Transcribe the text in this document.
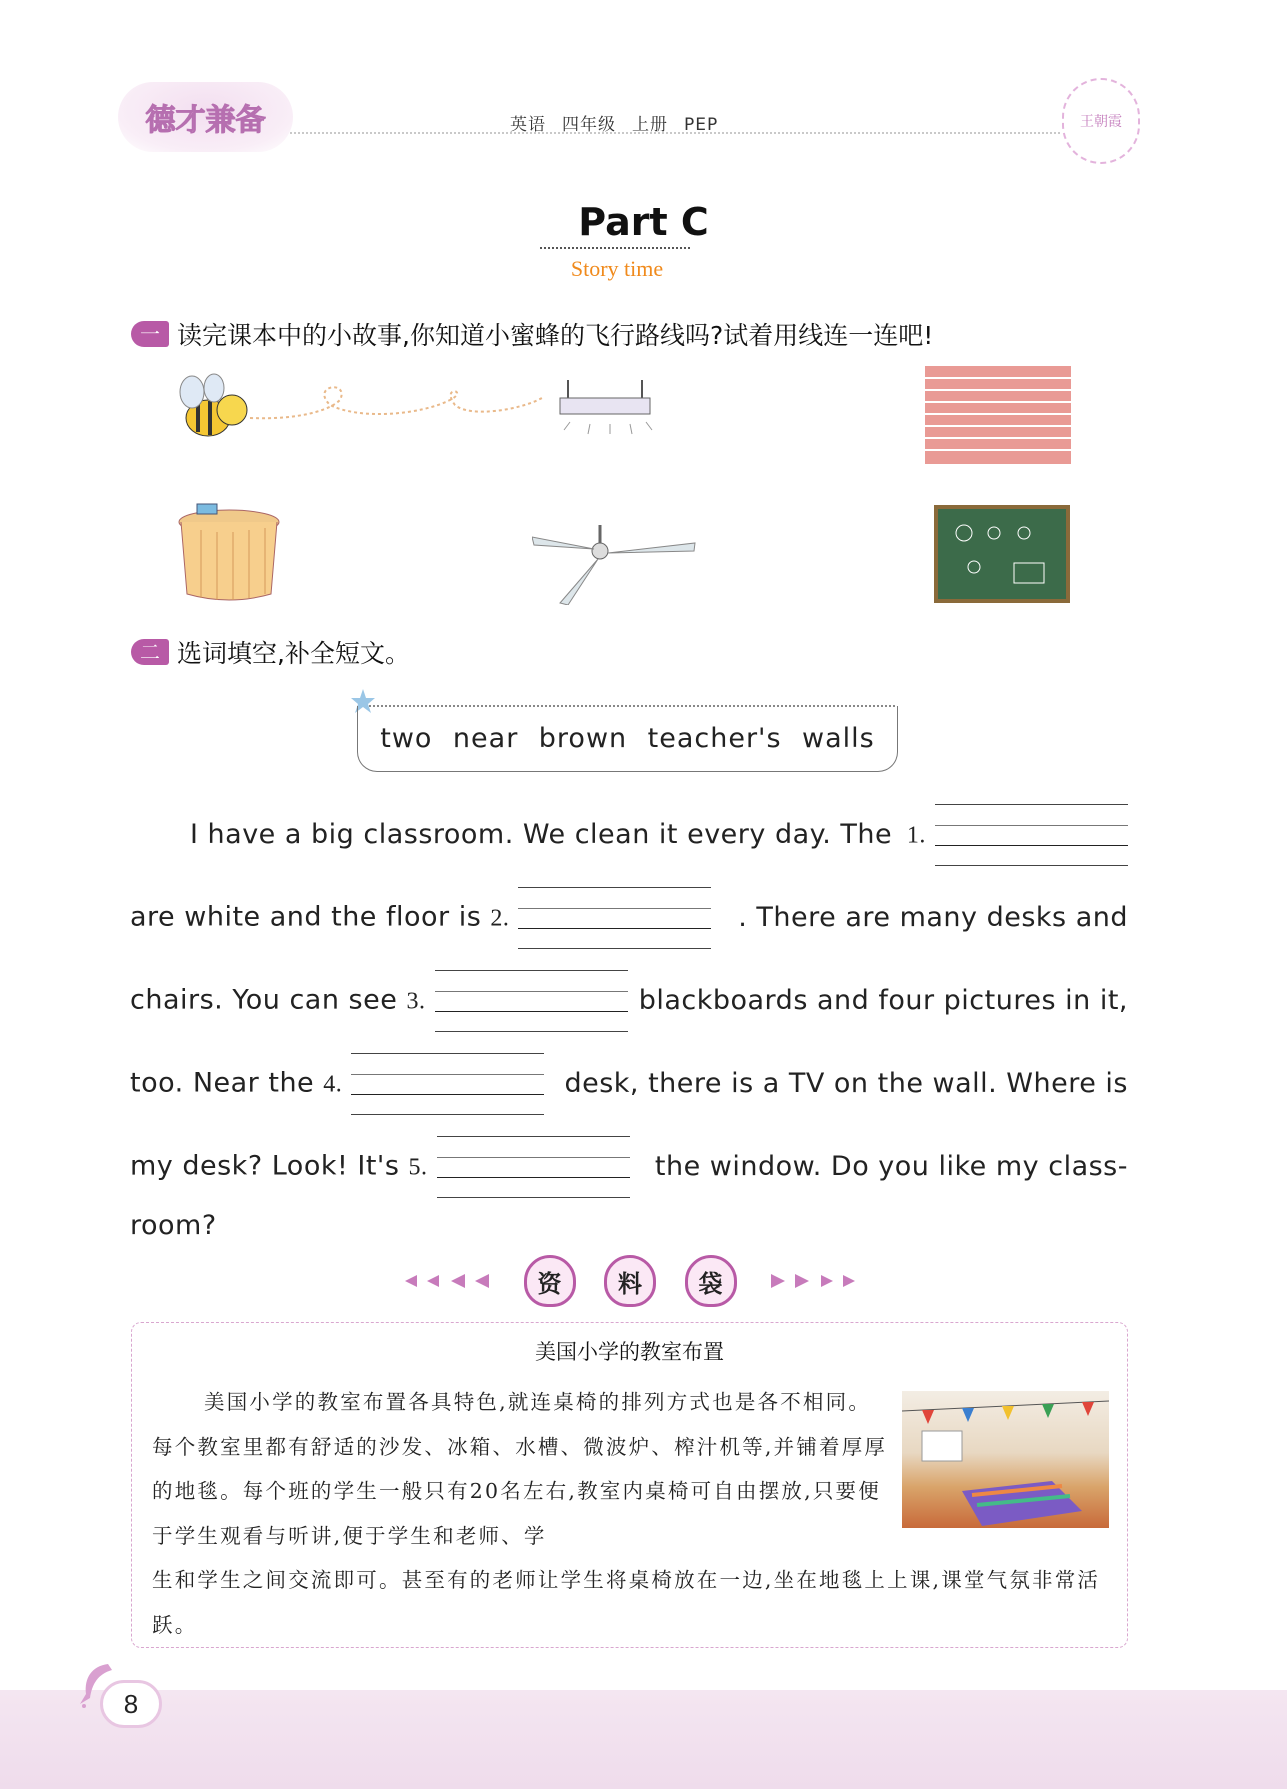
德才兼备	英语 四年级 上册 PEP	王朝霞
Part C
Story time
一 读完课本中的小故事,你知道小蜜蜂的飞行路线吗?试着用线连一连吧!
二 选词填空,补全短文。
two near brown teacher's walls
I have a big classroom. We clean it every day. The 1.
are white and the floor is 2.	. There are many desks and
chairs. You can see 3.	blackboards and four pictures in it,
too. Near the 4.	desk, there is a TV on the wall. Where is
my desk? Look! It's 5.	the window. Do you like my class-
room?
资	料	袋
美国小学的教室布置
美国小学的教室布置各具特色,就连桌椅的排列方式也是各不相同。每个教室里都有舒适的沙发、冰箱、水槽、微波炉、榨汁机等,并铺着厚厚的地毯。每个班的学生一般只有20名左右,教室内桌椅可自由摆放,只要便于学生观看与听讲,便于学生和老师、学
生和学生之间交流即可。甚至有的老师让学生将桌椅放在一边,坐在地毯上上课,课堂气氛非常活跃。
8
